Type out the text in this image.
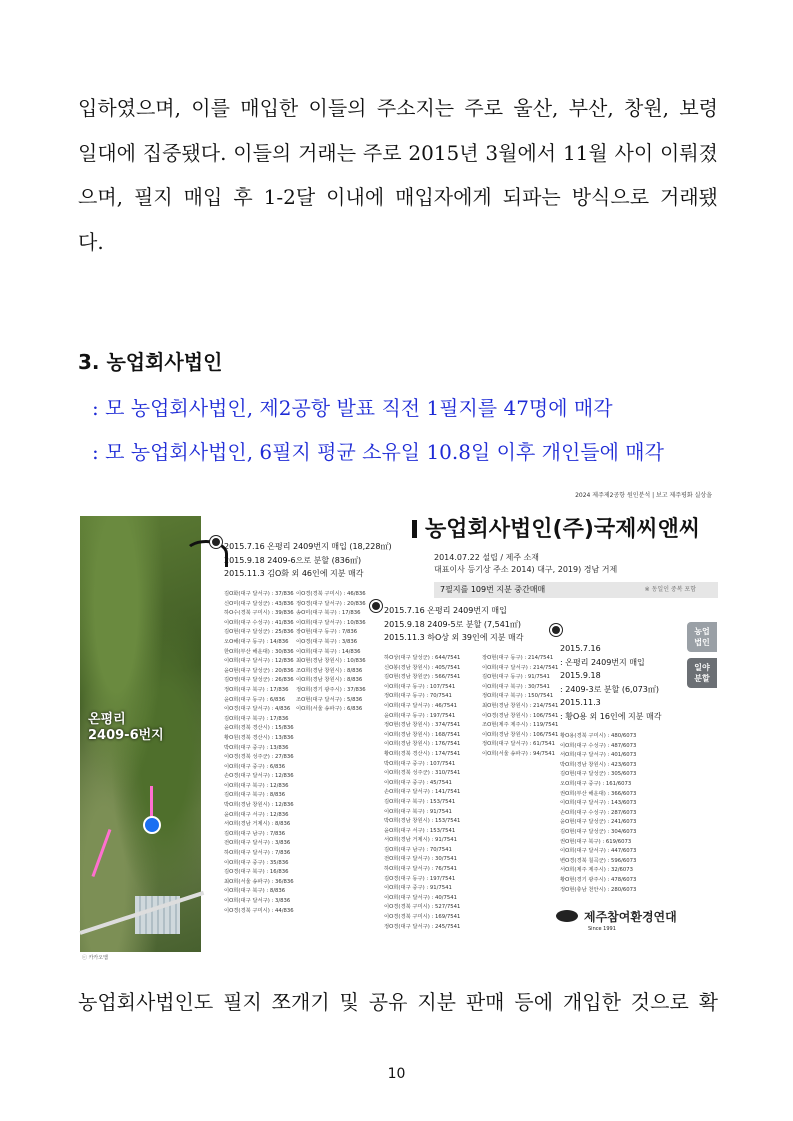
입하였으며, 이를 매입한 이들의 주소지는 주로 울산, 부산, 창원, 보령
일대에 집중됐다. 이들의 거래는 주로 2015년 3월에서 11월 사이 이뤄졌
으며, 필지 매입 후 1-2달 이내에 매입자에게 되파는 방식으로 거래됐
다.
3. 농업회사법인
: 모 농업회사법인, 제2공항 발표 직전 1필지를 47명에 매각
: 모 농업회사법인, 6필지 평균 소유일 10.8일 이후 개인들에 매각
2024 제주제2공항 원인분석 | 보고 제주평화 실상을
온평리
2409-6번지
ⓒ 카카오맵
농업회사법인(주)국제씨앤씨
2014.07.22 설립 / 제주 소재
대표이사 등기상 주소 2014) 대구, 2019) 경남 거제
7필지를 109번 지분 중간매매	※ 동일인 중복 포함
농업
법인
일야
분할
2015.7.16 온평리 2409번지 매입 (18,228㎡)
2015.9.18 2409-6으로 분할 (836㎡)
2015.11.3 김O화 외 46인에 지분 매각
김O화(대구 달서구) : 37/836
신O미(대구 달성군) : 43/836
하O수(경북 구미시) : 39/836
이O희(대구 수성구) : 41/836
김O현(대구 달성군) : 25/836
오O해(대구 동구) : 14/836
한O희(부산 해운대) : 30/836
이O희(대구 달서구) : 12/836
윤O현(대구 달성군) : 20/836
김O영(대구 달성군) : 26/836
정O희(대구 북구) : 17/836
윤O희(대구 동구) : 6/836
이O경(대구 달서구) : 4/836
김O희(대구 북구) : 17/836
윤O희(경북 경산시) : 15/836
황O원(경북 경산시) : 13/836
박O희(대구 중구) : 13/836
이O경(경북 성주군) : 27/836
이O희(대구 중구) : 6/836
손O경(대구 달서구) : 12/836
이O희(대구 북구) : 12/836
김O희(대구 북구) : 8/836
박O희(경남 창원시) : 12/836
윤O희(대구 서구) : 12/836
서O희(경남 거제시) : 8/836
김O희(대구 남구) : 7/836
전O희(대구 달서구) : 3/836
하O희(대구 달서구) : 7/836
이O희(대구 중구) : 35/836
김O경(대구 북구) : 16/836
최O희(서울 송파구) : 36/836
이O희(대구 북구) : 8/836
이O희(대구 달서구) : 3/836
이O경(경북 구미시) : 44/836
이O경(경북 구미시) : 46/836
정O경(대구 달서구) : 20/836
송O미(대구 북구) : 17/836
이O희(대구 달서구) : 10/836
장O현(대구 동구) : 7/836
이O경(대구 북구) : 3/836
이O희(대구 북구) : 14/836
최O현(경남 창원시) : 10/836
조O희(경남 창원시) : 8/836
이O희(경남 창원시) : 8/836
정O희(경기 광주시) : 37/836
조O현(대구 달서구) : 5/836
이O희(서울 송파구) : 6/836
2015.7.16 온평리 2409번지 매입
2015.9.18 2409-5로 분할 (7,541㎡)
2015.11.3 하O상 외 39인에 지분 매각
하O상(대구 달성군) : 644/7541
신O봉(경남 창원시) : 405/7541
김O현(경남 창원군) : 566/7541
이O희(대구 동구) : 107/7541
정O희(대구 동구) : 70/7541
이O희(대구 달서구) : 46/7541
윤O희(대구 동구) : 197/7541
정O현(경남 창원시) : 374/7541
이O희(경남 창원시) : 168/7541
이O희(경남 창원시) : 176/7541
황O희(경북 경산시) : 174/7541
박O희(대구 중구) : 107/7541
이O희(경북 성주군) : 310/7541
이O희(대구 중구) : 45/7541
손O희(대구 달서구) : 141/7541
김O희(대구 북구) : 153/7541
이O희(대구 북구) : 91/7541
박O희(경남 창원시) : 153/7541
윤O희(대구 서구) : 153/7541
서O희(경남 거제시) : 91/7541
김O희(대구 남구) : 70/7541
전O희(대구 달서구) : 30/7541
하O희(대구 달서구) : 76/7541
김O경(대구 동구) : 197/7541
이O희(대구 중구) : 91/7541
이O희(대구 달서구) : 40/7541
이O경(경북 구미시) : 527/7541
이O경(경북 구미시) : 169/7541
정O경(대구 달서구) : 245/7541
장O현(대구 동구) : 214/7541
이O희(대구 달서구) : 214/7541
김O현(대구 동구) : 91/7541
이O희(대구 북구) : 30/7541
정O희(대구 북구) : 150/7541
최O현(경남 창원시) : 214/7541
이O경(경남 창원시) : 106/7541
조O현(제주 제주시) : 119/7541
이O희(경남 창원시) : 106/7541
정O희(대구 달서구) : 61/7541
이O희(서울 송파구) : 94/7541
2015.7.16
: 온평리 2409번지 매입
2015.9.18
: 2409-3로 분할 (6,073㎡)
2015.11.3
: 황O용 외 16인에 지분 매각
황O용(경북 구미시) : 480/6073
이O희(대구 수성구) : 487/6073
서O희(대구 달서구) : 401/6073
박O희(경남 창원시) : 423/6073
김O현(대구 달성군) : 305/6073
오O희(대구 중구) : 161/6073
권O희(부산 해운대) : 366/6073
이O희(대구 달서구) : 143/6073
손O희(대구 수성구) : 287/6073
윤O현(대구 달성군) : 241/6073
김O현(대구 달성군) : 304/6073
권O현(대구 북구) : 619/6073
이O희(대구 달서구) : 447/6073
변O경(경북 칠곡군) : 596/6073
서O희(제주 제주시) : 32/6073
황O현(경기 광주시) : 478/6073
정O현(충남 천안시) : 280/6073
제주참여환경연대
Since 1991
농업회사법인도 필지 쪼개기 및 공유 지분 판매 등에 개입한 것으로 확
10
